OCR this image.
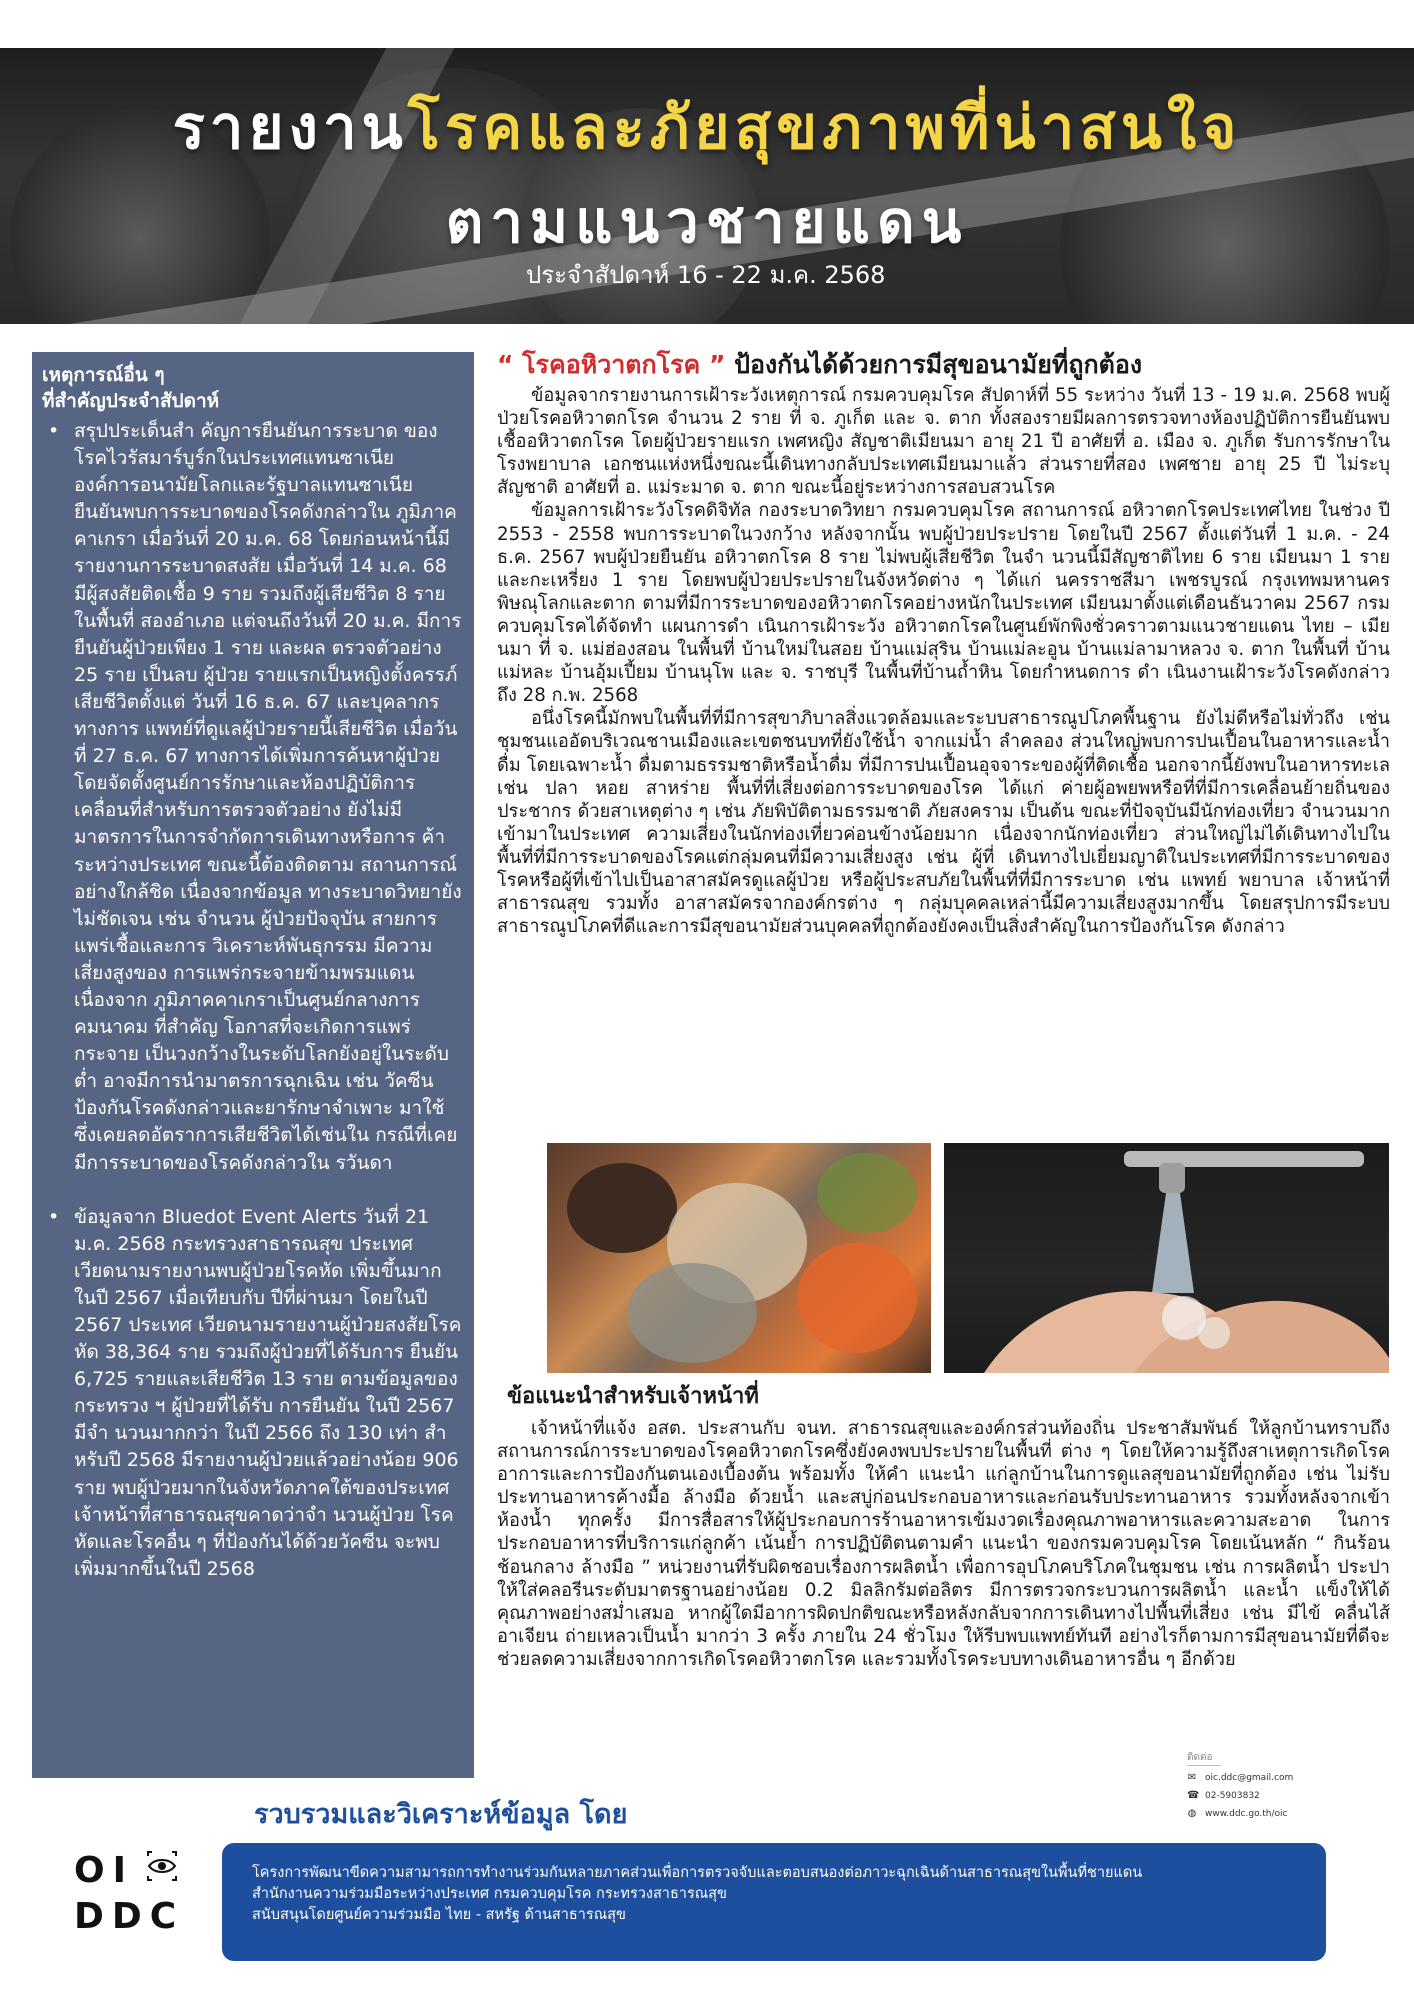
รายงานโรคและภัยสุขภาพที่น่าสนใจ
ตามแนวชายแดน

ประจำสัปดาห์ 16 - 22 ม.ค. 2568

เหตุการณ์อื่น ๆ
ที่สำคัญประจำสัปดาห์

• สรุปประเด็นสำ คัญการยืนยันการระบาด ของโรคไวรัสมาร์บูร์กในประเทศแทนซาเนีย องค์การอนามัยโลกและรัฐบาลแทนซาเนีย ยืนยันพบการระบาดของโรคดังกล่าวใน ภูมิภาคคาเกรา เมื่อวันที่ 20 ม.ค. 68 โดยก่อนหน้านี้มีรายงานการระบาดสงสัย เมื่อวันที่ 14 ม.ค. 68 มีผู้สงสัยติดเชื้อ 9 ราย รวมถึงผู้เสียชีวิต 8 ราย ในพื้นที่ สองอำเภอ แต่จนถึงวันที่ 20 ม.ค. มีการยืนยันผู้ป่วยเพียง 1 ราย และผล ตรวจตัวอย่าง 25 ราย เป็นลบ ผู้ป่วย รายแรกเป็นหญิงตั้งครรภ์เสียชีวิตตั้งแต่ วันที่ 16 ธ.ค. 67 และบุคลากรทางการ แพทย์ที่ดูแลผู้ป่วยรายนี้เสียชีวิต เมื่อวันที่ 27 ธ.ค. 67 ทางการได้เพิ่มการค้นหาผู้ป่วย โดยจัดตั้งศูนย์การรักษาและห้องปฏิบัติการ เคลื่อนที่สำหรับการตรวจตัวอย่าง ยังไม่มี มาตรการในการจำกัดการเดินทางหรือการ ค้าระหว่างประเทศ ขณะนี้ต้องติดตาม สถานการณ์อย่างใกล้ชิด เนื่องจากข้อมูล ทางระบาดวิทยายังไม่ชัดเจน เช่น จำนวน ผู้ป่วยปัจจุบัน สายการแพร่เชื้อและการ วิเคราะห์พันธุกรรม มีความเสี่ยงสูงของ การแพร่กระจายข้ามพรมแดน เนื่องจาก ภูมิภาคคาเกราเป็นศูนย์กลางการคมนาคม ที่สำคัญ โอกาสที่จะเกิดการแพร่กระจาย เป็นวงกว้างในระดับโลกยังอยู่ในระดับต่ำ อาจมีการนำมาตรการฉุกเฉิน เช่น วัคซีน ป้องกันโรคดังกล่าวและยารักษาจำเพาะ มาใช้ ซึ่งเคยลดอัตราการเสียชีวิตได้เช่นใน กรณีที่เคยมีการระบาดของโรคดังกล่าวใน รวันดา
• ข้อมูลจาก Bluedot Event Alerts วันที่ 21 ม.ค. 2568 กระทรวงสาธารณสุข ประเทศเวียดนามรายงานพบผู้ป่วยโรคหัด เพิ่มขึ้นมากในปี 2567 เมื่อเทียบกับ ปีที่ผ่านมา โดยในปี 2567 ประเทศ เวียดนามรายงานผู้ป่วยสงสัยโรคหัด 38,364 ราย รวมถึงผู้ป่วยที่ได้รับการ ยืนยัน 6,725 รายและเสียชีวิต 13 ราย ตามข้อมูลของกระทรวง ฯ ผู้ป่วยที่ได้รับ การยืนยัน ในปี 2567 มีจำ นวนมากกว่า ในปี 2566 ถึง 130 เท่า สำ หรับปี 2568 มีรายงานผู้ป่วยแล้วอย่างน้อย 906 ราย พบผู้ป่วยมากในจังหวัดภาคใต้ของประเทศ เจ้าหน้าที่สาธารณสุขคาดว่าจำ นวนผู้ป่วย โรคหัดและโรคอื่น ๆ ที่ป้องกันได้ด้วยวัคซีน จะพบเพิ่มมากขึ้นในปี 2568
“ โรคอหิวาตกโรค ” ป้องกันได้ด้วยการมีสุขอนามัยที่ถูกต้อง

ข้อมูลจากรายงานการเฝ้าระวังเหตุการณ์ กรมควบคุมโรค สัปดาห์ที่ 55 ระหว่าง วันที่ 13 - 19 ม.ค. 2568 พบผู้ป่วยโรคอหิวาตกโรค จำนวน 2 ราย ที่ จ. ภูเก็ต และ จ. ตาก ทั้งสองรายมีผลการตรวจทางห้องปฏิบัติการยืนยันพบเชื้ออหิวาตกโรค โดยผู้ป่วยรายแรก เพศหญิง สัญชาติเมียนมา อายุ 21 ปี อาศัยที่ อ. เมือง จ. ภูเก็ต รับการรักษาในโรงพยาบาล เอกชนแห่งหนึ่งขณะนี้เดินทางกลับประเทศเมียนมาแล้ว ส่วนรายที่สอง เพศชาย อายุ 25 ปี ไม่ระบุสัญชาติ อาศัยที่ อ. แม่ระมาด จ. ตาก ขณะนี้อยู่ระหว่างการสอบสวนโรค

ข้อมูลการเฝ้าระวังโรคดิจิทัล กองระบาดวิทยา กรมควบคุมโรค สถานการณ์ อหิวาตกโรคประเทศไทย ในช่วง ปี 2553 - 2558 พบการระบาดในวงกว้าง หลังจากนั้น พบผู้ป่วยประปราย โดยในปี 2567 ตั้งแต่วันที่ 1 ม.ค. - 24 ธ.ค. 2567 พบผู้ป่วยยืนยัน อหิวาตกโรค 8 ราย ไม่พบผู้เสียชีวิต ในจำ นวนนี้มีสัญชาติไทย 6 ราย เมียนมา 1 ราย และกะเหรี่ยง 1 ราย โดยพบผู้ป่วยประปรายในจังหวัดต่าง ๆ ได้แก่ นครราชสีมา เพชรบูรณ์ กรุงเทพมหานคร พิษณุโลกและตาก ตามที่มีการระบาดของอหิวาตกโรคอย่างหนักในประเทศ เมียนมาตั้งแต่เดือนธันวาคม 2567 กรมควบคุมโรคได้จัดทำ แผนการดำ เนินการเฝ้าระวัง อหิวาตกโรคในศูนย์พักพิงชั่วคราวตามแนวชายแดน ไทย – เมียนมา ที่ จ. แม่ฮ่องสอน ในพื้นที่ บ้านใหม่ในสอย บ้านแม่สุริน บ้านแม่ละอูน บ้านแม่ลามาหลวง จ. ตาก ในพื้นที่ บ้านแม่หละ บ้านอุ้มเปี้ยม บ้านนุโพ และ จ. ราชบุรี ในพื้นที่บ้านถ้ำหิน โดยกำหนดการ ดำ เนินงานเฝ้าระวังโรคดังกล่าวถึง 28 ก.พ. 2568

อนึ่งโรคนี้มักพบในพื้นที่ที่มีการสุขาภิบาลสิ่งแวดล้อมและระบบสาธารณูปโภคพื้นฐาน ยังไม่ดีหรือไม่ทั่วถึง เช่น ชุมชนแออัดบริเวณชานเมืองและเขตชนบทที่ยังใช้น้ำ จากแม่น้ำ ลำคลอง ส่วนใหญ่พบการปนเปื้อนในอาหารและน้ำ ดื่ม โดยเฉพาะน้ำ ดื่มตามธรรมชาติหรือน้ำดื่ม ที่มีการปนเปื้อนอุจจาระของผู้ที่ติดเชื้อ นอกจากนี้ยังพบในอาหารทะเล เช่น ปลา หอย สาหร่าย พื้นที่ที่เสี่ยงต่อการระบาดของโรค ได้แก่ ค่ายผู้อพยพหรือที่ที่มีการเคลื่อนย้ายถิ่นของประชากร ด้วยสาเหตุต่าง ๆ เช่น ภัยพิบัติตามธรรมชาติ ภัยสงคราม เป็นต้น ขณะที่ปัจจุบันมีนักท่องเที่ยว จำนวนมากเข้ามาในประเทศ ความเสี่ยงในนักท่องเที่ยวค่อนข้างน้อยมาก เนื่องจากนักท่องเที่ยว ส่วนใหญ่ไม่ได้เดินทางไปในพื้นที่ที่มีการระบาดของโรคแต่กลุ่มคนที่มีความเสี่ยงสูง เช่น ผู้ที่ เดินทางไปเยี่ยมญาติในประเทศที่มีการระบาดของโรคหรือผู้ที่เข้าไปเป็นอาสาสมัครดูแลผู้ป่วย หรือผู้ประสบภัยในพื้นที่ที่มีการระบาด เช่น แพทย์ พยาบาล เจ้าหน้าที่สาธารณสุข รวมทั้ง อาสาสมัครจากองค์กรต่าง ๆ กลุ่มบุคคลเหล่านี้มีความเสี่ยงสูงมากขึ้น โดยสรุปการมีระบบ สาธารณูปโภคที่ดีและการมีสุขอนามัยส่วนบุคคลที่ถูกต้องยังคงเป็นสิ่งสำคัญในการป้องกันโรค ดังกล่าว

ข้อแนะนำสำหรับเจ้าหน้าที่

เจ้าหน้าที่แจ้ง อสต. ประสานกับ จนท. สาธารณสุขและองค์กรส่วนท้องถิ่น ประชาสัมพันธ์ ให้ลูกบ้านทราบถึงสถานการณ์การระบาดของโรคอหิวาตกโรคซึ่งยังคงพบประปรายในพื้นที่ ต่าง ๆ โดยให้ความรู้ถึงสาเหตุการเกิดโรค อาการและการป้องกันตนเองเบื้องต้น พร้อมทั้ง ให้คำ แนะนำ แก่ลูกบ้านในการดูแลสุขอนามัยที่ถูกต้อง เช่น ไม่รับประทานอาหารค้างมื้อ ล้างมือ ด้วยน้ำ และสบู่ก่อนประกอบอาหารและก่อนรับประทานอาหาร รวมทั้งหลังจากเข้าห้องน้ำ ทุกครั้ง มีการสื่อสารให้ผู้ประกอบการร้านอาหารเข้มงวดเรื่องคุณภาพอาหารและความสะอาด ในการประกอบอาหารที่บริการแก่ลูกค้า เน้นย้ำ การปฏิบัติตนตามคำ แนะนำ ของกรมควบคุมโรค โดยเน้นหลัก “ กินร้อน ช้อนกลาง ล้างมือ ” หน่วยงานที่รับผิดชอบเรื่องการผลิตน้ำ เพื่อการอุปโภคบริโภคในชุมชน เช่น การผลิตน้ำ ประปา ให้ใส่คลอรีนระดับมาตรฐานอย่างน้อย 0.2 มิลลิกรัมต่อลิตร มีการตรวจกระบวนการผลิตน้ำ และน้ำ แข็งให้ได้คุณภาพอย่างสม่ำเสมอ หากผู้ใดมีอาการผิดปกติขณะหรือหลังกลับจากการเดินทางไปพื้นที่เสี่ยง เช่น มีไข้ คลื่นไส้ อาเจียน ถ่ายเหลวเป็นน้ำ มากว่า 3 ครั้ง ภายใน 24 ชั่วโมง ให้รีบพบแพทย์ทันที อย่างไรก็ตามการมีสุขอนามัยที่ดีจะช่วยลดความเสี่ยงจากการเกิดโรคอหิวาตกโรค และรวมทั้งโรคระบบทางเดินอาหารอื่น ๆ อีกด้วย

ติดต่อ
✉ oic.ddc@gmail.com
☎ 02-5903832
◍ www.ddc.go.th/oic
รวบรวมและวิเคราะห์ข้อมูล โดย

OI

DDC

โครงการพัฒนาขีดความสามารถการทำงานร่วมกันหลายภาคส่วนเพื่อการตรวจจับและตอบสนองต่อภาวะฉุกเฉินด้านสาธารณสุขในพื้นที่ชายแดน

สำนักงานความร่วมมือระหว่างประเทศ กรมควบคุมโรค กระทรวงสาธารณสุข

สนับสนุนโดยศูนย์ความร่วมมือ ไทย - สหรัฐ ด้านสาธารณสุข
